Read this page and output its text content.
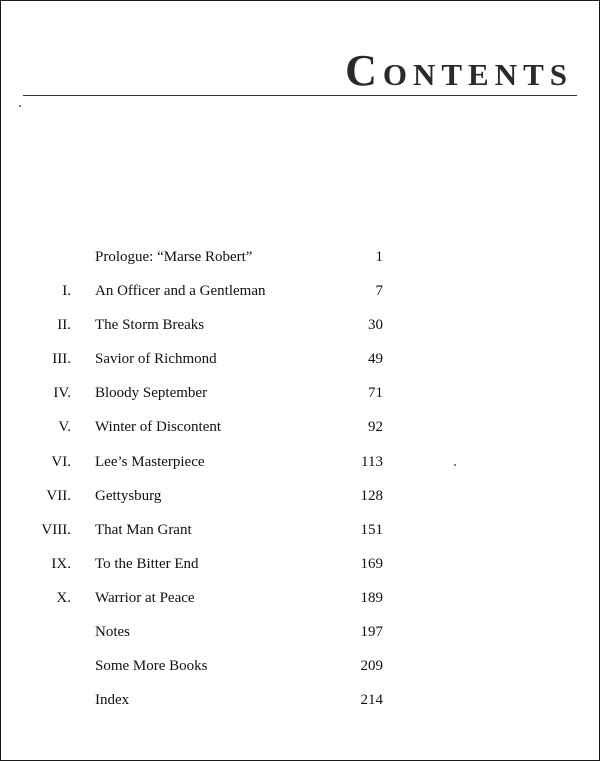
Contents
Prologue: “Marse Robert”	1
I. An Officer and a Gentleman	7
II. The Storm Breaks	30
III. Savior of Richmond	49
IV. Bloody September	71
V. Winter of Discontent	92
VI. Lee’s Masterpiece	113
VII. Gettysburg	128
VIII. That Man Grant	151
IX. To the Bitter End	169
X. Warrior at Peace	189
Notes	197
Some More Books	209
Index	214
